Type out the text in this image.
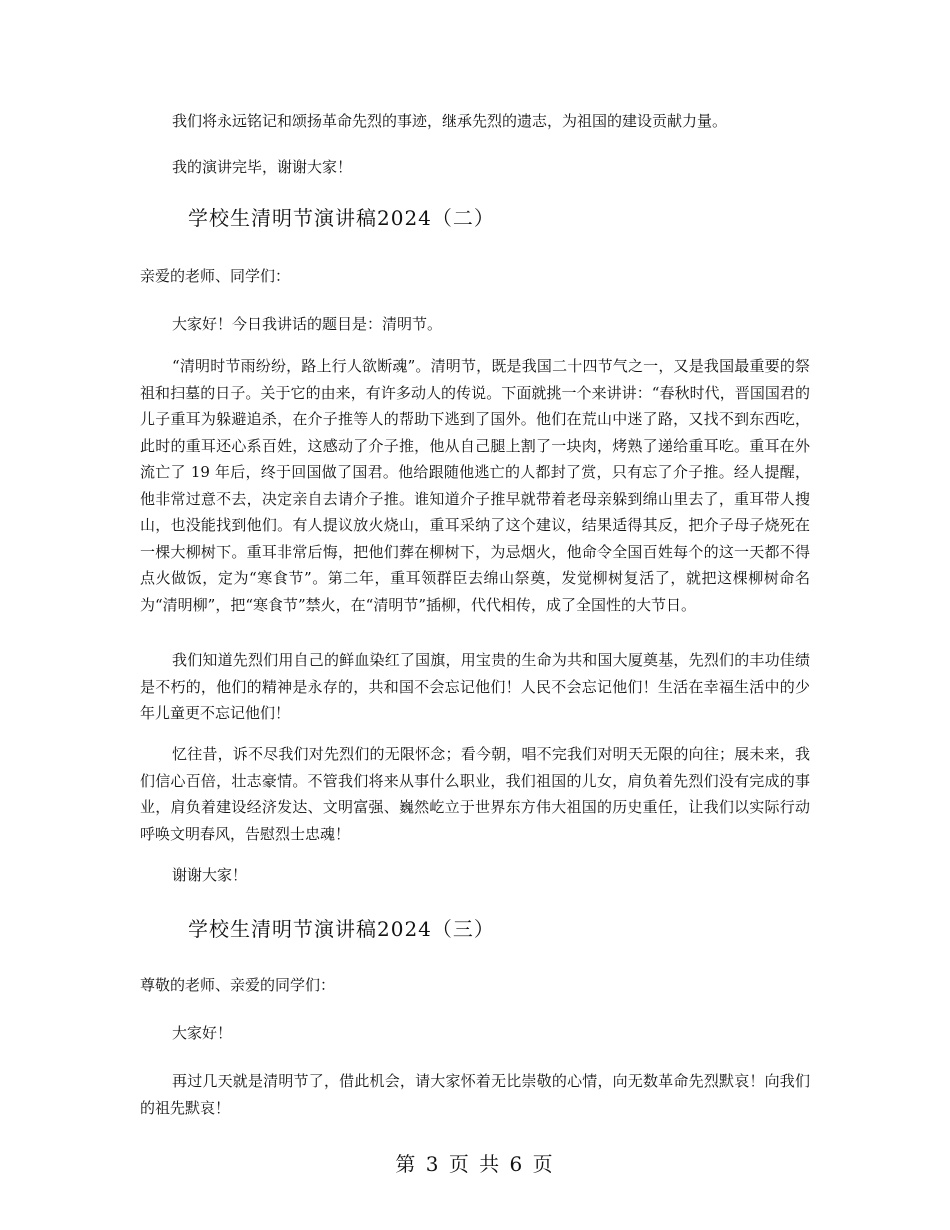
我们将永远铭记和颂扬革命先烈的事迹，继承先烈的遗志，为祖国的建设贡献力量。

我的演讲完毕，谢谢大家！

学校生清明节演讲稿2024（二）

亲爱的老师、同学们：

大家好！今日我讲话的题目是：清明节。

“清明时节雨纷纷，路上行人欲断魂”。清明节，既是我国二十四节气之一，又是我国最重要的祭祖和扫墓的日子。关于它的由来，有许多动人的传说。下面就挑一个来讲讲：“春秋时代，晋国国君的儿子重耳为躲避追杀，在介子推等人的帮助下逃到了国外。他们在荒山中迷了路，又找不到东西吃，此时的重耳还心系百姓，这感动了介子推，他从自己腿上割了一块肉，烤熟了递给重耳吃。重耳在外流亡了 19 年后，终于回国做了国君。他给跟随他逃亡的人都封了赏，只有忘了介子推。经人提醒，他非常过意不去，决定亲自去请介子推。谁知道介子推早就带着老母亲躲到绵山里去了，重耳带人搜山，也没能找到他们。有人提议放火烧山，重耳采纳了这个建议，结果适得其反，把介子母子烧死在一棵大柳树下。重耳非常后悔，把他们葬在柳树下，为忌烟火，他命令全国百姓每个的这一天都不得点火做饭，定为“寒食节”。第二年，重耳领群臣去绵山祭奠，发觉柳树复活了，就把这棵柳树命名为“清明柳”，把“寒食节”禁火，在“清明节”插柳，代代相传，成了全国性的大节日。

我们知道先烈们用自己的鲜血染红了国旗，用宝贵的生命为共和国大厦奠基，先烈们的丰功佳绩是不朽的，他们的精神是永存的，共和国不会忘记他们！人民不会忘记他们！生活在幸福生活中的少年儿童更不忘记他们！

忆往昔，诉不尽我们对先烈们的无限怀念；看今朝，唱不完我们对明天无限的向往；展未来，我们信心百倍，壮志豪情。不管我们将来从事什么职业，我们祖国的儿女，肩负着先烈们没有完成的事业，肩负着建设经济发达、文明富强、巍然屹立于世界东方伟大祖国的历史重任，让我们以实际行动呼唤文明春风，告慰烈士忠魂！

谢谢大家！

学校生清明节演讲稿2024（三）

尊敬的老师、亲爱的同学们：

大家好！

再过几天就是清明节了，借此机会，请大家怀着无比崇敬的心情，向无数革命先烈默哀！向我们的祖先默哀！

第 3 页 共 6 页
